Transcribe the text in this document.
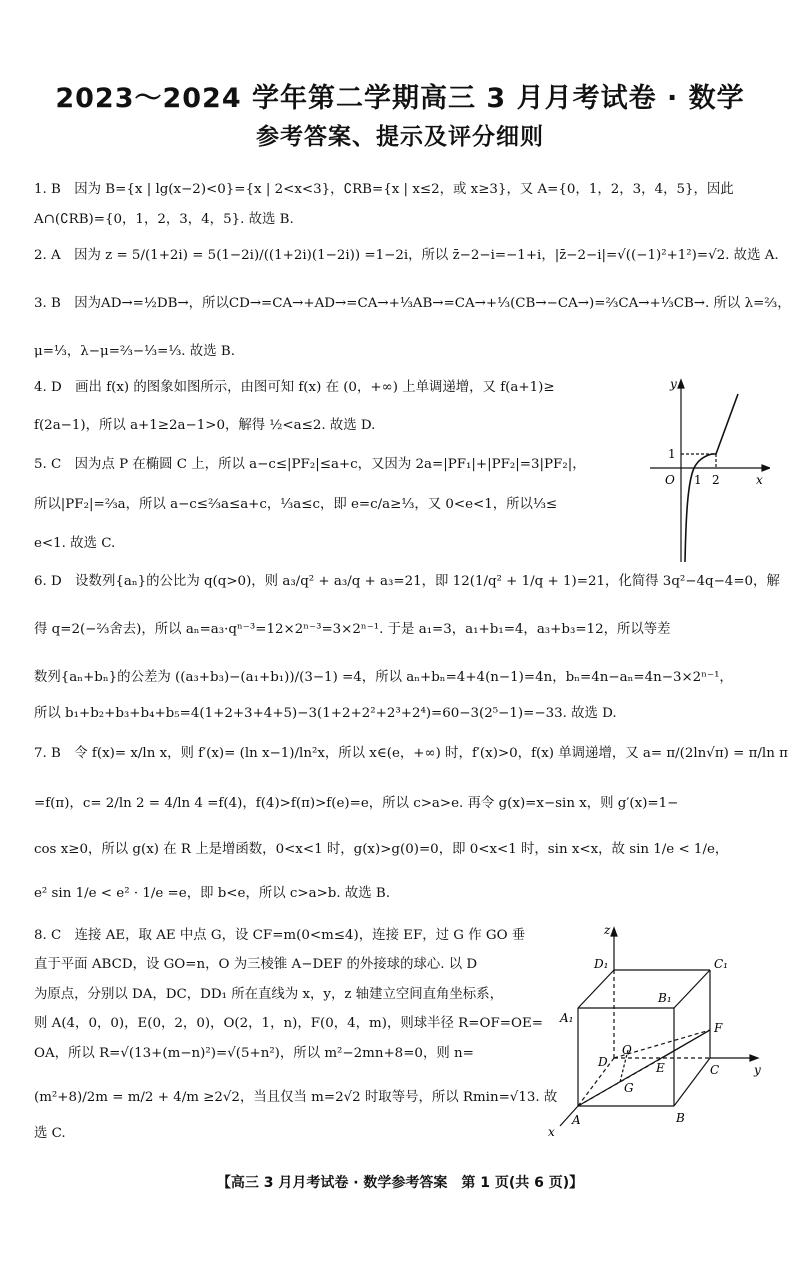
2023～2024 学年第二学期高三 3 月月考试卷 · 数学
参考答案、提示及评分细则
1. B　因为 B={x | lg(x−2)<0}={x | 2<x<3}，∁RB={x | x≤2，或 x≥3}，又 A={0，1，2，3，4，5}，因此
A∩(∁RB)={0，1，2，3，4，5}. 故选 B.
2. A　因为 z = 5/(1+2i) = 5(1−2i)/((1+2i)(1−2i)) =1−2i，所以 z̄−2−i=−1+i，|z̄−2−i|=√((−1)²+1²)=√2. 故选 A.
3. B　因为AD→=½DB→，所以CD→=CA→+AD→=CA→+⅓AB→=CA→+⅓(CB→−CA→)=⅔CA→+⅓CB→. 所以 λ=⅔，
μ=⅓，λ−μ=⅔−⅓=⅓. 故选 B.
4. D　画出 f(x) 的图象如图所示，由图可知 f(x) 在 (0，+∞) 上单调递增，又 f(a+1)≥
f(2a−1)，所以 a+1≥2a−1>0，解得 ½<a≤2. 故选 D.
5. C　因为点 P 在椭圆 C 上，所以 a−c≤|PF₂|≤a+c，又因为 2a=|PF₁|+|PF₂|=3|PF₂|，
所以|PF₂|=⅔a，所以 a−c≤⅔a≤a+c，⅓a≤c，即 e=c/a≥⅓，又 0<e<1，所以⅓≤
e<1. 故选 C.
6. D　设数列{aₙ}的公比为 q(q>0)，则 a₃/q² + a₃/q + a₃=21，即 12(1/q² + 1/q + 1)=21，化简得 3q²−4q−4=0，解
得 q=2(−⅔舍去)，所以 aₙ=a₃·qⁿ⁻³=12×2ⁿ⁻³=3×2ⁿ⁻¹. 于是 a₁=3，a₁+b₁=4，a₃+b₃=12，所以等差
数列{aₙ+bₙ}的公差为 ((a₃+b₃)−(a₁+b₁))/(3−1) =4，所以 aₙ+bₙ=4+4(n−1)=4n，bₙ=4n−aₙ=4n−3×2ⁿ⁻¹，
所以 b₁+b₂+b₃+b₄+b₅=4(1+2+3+4+5)−3(1+2+2²+2³+2⁴)=60−3(2⁵−1)=−33. 故选 D.
7. B　令 f(x)= x/ln x，则 f′(x)= (ln x−1)/ln²x，所以 x∈(e，+∞) 时，f′(x)>0，f(x) 单调递增，又 a= π/(2ln√π) = π/ln π
=f(π)，c= 2/ln 2 = 4/ln 4 =f(4)，f(4)>f(π)>f(e)=e，所以 c>a>e. 再令 g(x)=x−sin x，则 g′(x)=1−
cos x≥0，所以 g(x) 在 R 上是增函数，0<x<1 时，g(x)>g(0)=0，即 0<x<1 时，sin x<x，故 sin 1/e < 1/e，
e² sin 1/e < e² · 1/e =e，即 b<e，所以 c>a>b. 故选 B.
8. C　连接 AE，取 AE 中点 G，设 CF=m(0<m≤4)，连接 EF，过 G 作 GO 垂
直于平面 ABCD，设 GO=n，O 为三棱锥 A−DEF 的外接球的球心. 以 D
为原点，分别以 DA，DC，DD₁ 所在直线为 x，y，z 轴建立空间直角坐标系，
则 A(4，0，0)，E(0，2，0)，O(2，1，n)，F(0，4，m)，则球半径 R=OF=OE=
OA，所以 R=√(13+(m−n)²)=√(5+n²)，所以 m²−2mn+8=0，则 n=
(m²+8)/2m = m/2 + 4/m ≥2√2，当且仅当 m=2√2 时取等号，所以 Rmin=√13. 故
选 C.
y
x
O
1
1 2
z
y
x
D₁	C₁
B₁
A₁
F
D
O
E	C
G
A	B
【高三 3 月月考试卷 · 数学参考答案　第 1 页(共 6 页)】
